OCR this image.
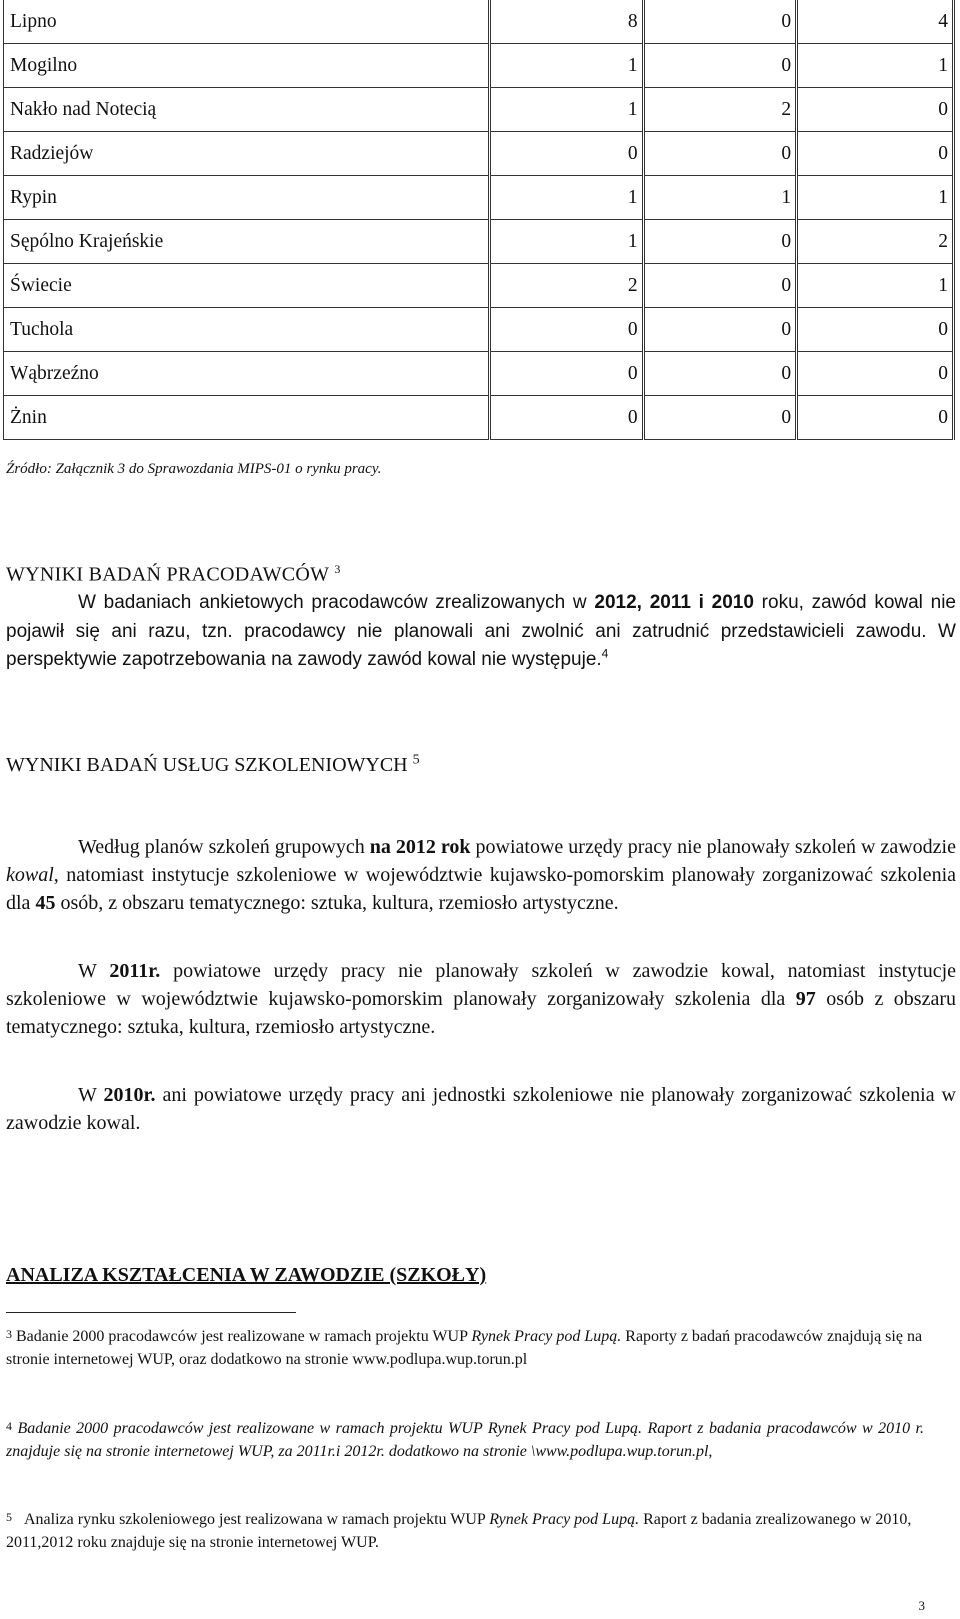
Lipno	8	0	4
Mogilno	1	0	1
Nakło nad Notecią	1	2	0
Radziejów	0	0	0
Rypin	1	1	1
Sępólno Krajeńskie	1	0	2
Świecie	2	0	1
Tuchola	0	0	0
Wąbrzeźno	0	0	0
Żnin	0	0	0
Źródło: Załącznik 3 do Sprawozdania MIPS-01 o rynku pracy.
WYNIKI BADAŃ PRACODAWCÓW $^3$
W badaniach ankietowych pracodawców zrealizowanych w 2012, 2011 i 2010 roku, zawód kowal nie pojawił się ani razu, tzn. pracodawcy nie planowali ani zwolnić ani zatrudnić przedstawicieli zawodu. W perspektywie zapotrzebowania na zawody zawód kowal nie występuje.$^4$
WYNIKI BADAŃ USŁUG SZKOLENIOWYCH $^5$
Według planów szkoleń grupowych na 2012 rok powiatowe urzędy pracy nie planowały szkoleń w zawodzie kowal, natomiast instytucje szkoleniowe w województwie kujawsko-pomorskim planowały zorganizować szkolenia dla 45 osób, z obszaru tematycznego: sztuka, kultura, rzemiosło artystyczne.
W 2011r. powiatowe urzędy pracy nie planowały szkoleń w zawodzie kowal, natomiast instytucje szkoleniowe w województwie kujawsko-pomorskim planowały zorganizowały szkolenia dla 97 osób z obszaru tematycznego: sztuka, kultura, rzemiosło artystyczne.
W 2010r. ani powiatowe urzędy pracy ani jednostki szkoleniowe nie planowały zorganizować szkolenia w zawodzie kowal.
ANALIZA KSZTAŁCENIA W ZAWODZIE (SZKOŁY)
$^3$ Badanie 2000 pracodawców jest realizowane w ramach projektu WUP Rynek Pracy pod Lupą. Raporty z badań pracodawców znajdują się na stronie internetowej WUP, oraz dodatkowo na stronie www.podlupa.wup.torun.pl
$^4$ Badanie 2000 pracodawców jest realizowane w ramach projektu WUP Rynek Pracy pod Lupą. Raport z badania pracodawców w 2010 r. znajduje się na stronie internetowej WUP, za 2011r.i 2012r. dodatkowo na stronie \www.podlupa.wup.torun.pl,
$^5$ Analiza rynku szkoleniowego jest realizowana w ramach projektu WUP Rynek Pracy pod Lupą. Raport z badania zrealizowanego w 2010, 2011,2012 roku znajduje się na stronie internetowej WUP.
3
